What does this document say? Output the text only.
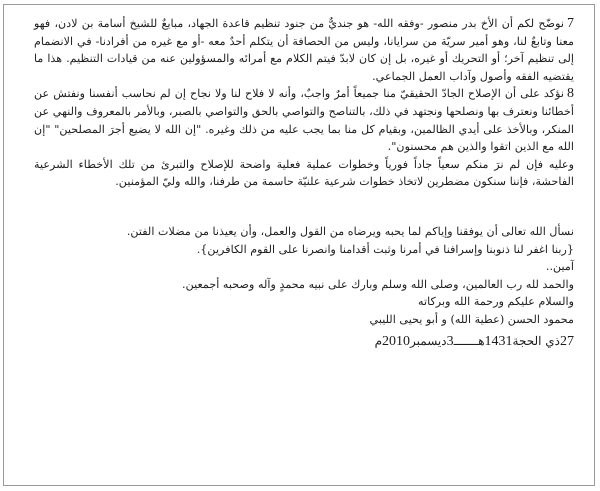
7نوضّح لكم أن الأخ بدر منصور -وفقه الله- هو جنديٌّ من جنود تنظيم قاعدة الجهاد، مبايعٌ للشيخ أسامة بن لادن، فهو معنا وتابعٌ لنا، وهو أمير سريّة من سرايانا، وليس من الحصافة أن يتكلم أحدٌ معه -أو مع غيره من أفرادنا- في الانضمام إلى تنظيم آخر؛ أو التحريك أو غيره، بل إن كان لابدّ فيتم الكلام مع أمرائه والمسؤولين عنه من قيادات التنظيم. هذا ما يقتضيه الفقه وأصول وآداب العمل الجماعي.

8نؤكد على أن الإصلاح الجادّ الحقيقيّ منا جميعاً أمرٌ واجبٌ، وأنه لا فلاح لنا ولا نجاح إن لم نحاسب أنفسنا ونفتش عن أخطائنا ونعترف بها ونصلحها ونجتهد في ذلك، بالتناصح والتواصي بالحق والتواصي بالصبر، وبالأمر بالمعروف والنهي عن المنكر، وبالأخذ على أيدي الظالمين، وبقيام كل منا بما يجب عليه من ذلك وغيره. "إن الله لا يضيع أجرَ المصلحين" "إن الله مع الذين اتقوا والذين هم محسنون".

وعليه فإن لم نرَ منكم سعياً جاداً فورياً وخطوات عملية فعلية واضحة للإصلاح والتبرئ من تلك الأخطاء الشرعية الفاحشة، فإننا سنكون مضطرين لاتخاذ خطوات شرعية علنيّة حاسمة من طرفنا، والله وليّ المؤمنين.

نسأل الله تعالى أن يوفقنا وإياكم لما يحبه ويرضاه من القول والعمل، وأن يعيذنا من مضلات الفتن.

{ربنا اغفر لنا ذنوبنا وإسرافنا في أمرنا وثبت أقدامنا وانصرنا على القوم الكافرين}.

آمين..

والحمد لله رب العالمين، وصلى الله وسلم وبارك على نبيه محمدٍ وآله وصحبه أجمعين.

والسلام عليكم ورحمة الله وبركاته

محمود الحسن (عطية الله) و أبو يحيى الليبي

27ذي الحجة1431هـــــــ3ديسمبر2010م
